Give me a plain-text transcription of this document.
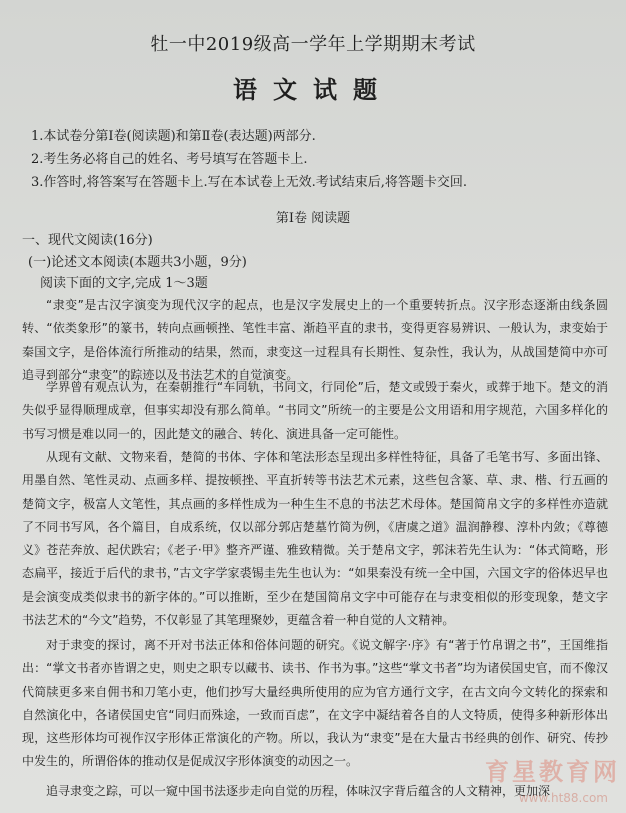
牡一中2019级高一学年上学期期末考试
语文试题
1.本试卷分第Ⅰ卷(阅读题)和第Ⅱ卷(表达题)两部分.
2.考生务必将自己的姓名、考号填写在答题卡上.
3.作答时,将答案写在答题卡上.写在本试卷上无效.考试结束后,将答题卡交回.
第Ⅰ卷 阅读题
一、现代文阅读(16分)
(一)论述文本阅读(本题共3小题，9分)
阅读下面的文字,完成 1～3题
“隶变”是古汉字演变为现代汉字的起点，也是汉字发展史上的一个重要转折点。汉字形态逐渐由线条圆转、“依类象形”的篆书，转向点画顿挫、笔性丰富、渐趋平直的隶书，变得更容易辨识、一般认为，隶变始于秦国文字，是俗体流行所推动的结果，然而，隶变这一过程具有长期性、复杂性，我认为，从战国楚简中亦可追寻到部分“隶变”的踪迹以及书法艺术的自觉演变。
学界曾有观点认为，在秦朝推行“车同轨，书同文，行同伦”后，楚文或毁于秦火，或葬于地下。楚文的消失似乎显得顺理成章，但事实却没有那么简单。“书同文”所统一的主要是公文用语和用字规范，六国多样化的书写习惯是难以同一的，因此楚文的融合、转化、演进具备一定可能性。
从现有文献、文物来看，楚简的书体、字体和笔法形态呈现出多样性特征，具备了毛笔书写、多面出锋、用墨自然、笔性灵动、点画多样、提按顿挫、平直折转等书法艺术元素，这些包含篆、草、隶、楷、行五画的楚简文字，极富人文笔性，其点画的多样性成为一种生生不息的书法艺术母体。楚国简帛文字的多样性亦造就了不同书写风，各个篇目，自成系统，仅以部分郭店楚墓竹简为例，《唐虞之道》温润静穆、淳朴内敛；《尊德义》苍茫奔放、起伏跌宕；《老子·甲》整齐严谨、雅致精微。关于楚帛文字，郭沫若先生认为：“体式简略，形态扁平，接近于后代的隶书，”古文字学家裘锡圭先生也认为：“如果秦没有统一全中国，六国文字的俗体迟早也是会演变成类似隶书的新字体的。”可以推断，至少在楚国简帛文字中可能存在与隶变相似的形变现象，楚文字书法艺术的“今文”趋势，不仅彰显了其笔理聚妙，更蕴含着一种自觉的人文精神。
对于隶变的探讨，离不开对书法正体和俗体问题的研究。《说文解字·序》有“著于竹帛谓之书”，王国维指出：“掌文书者亦皆谓之史，则史之职专以藏书、读书、作书为事。”这些“掌文书者”均为诸侯国史官，而不像汉代简牍更多来自佣书和刀笔小吏，他们抄写大量经典所使用的应为官方通行文字，在古文向今文转化的探索和自然演化中，各诸侯国史官“同归而殊途，一致而百虑”，在文字中凝结着各自的人文特质，使得多种新形体出现，这些形体均可视作汉字形体正常演化的产物。所以，我认为“隶变”是在大量古书经典的创作、研究、传抄中发生的，所谓俗体的推动仅是促成汉字形体演变的动因之一。
追寻隶变之踪，可以一窥中国书法逐步走向自觉的历程，体味汉字背后蕴含的人文精神，更加深
育星教育网
www.ht88.com
